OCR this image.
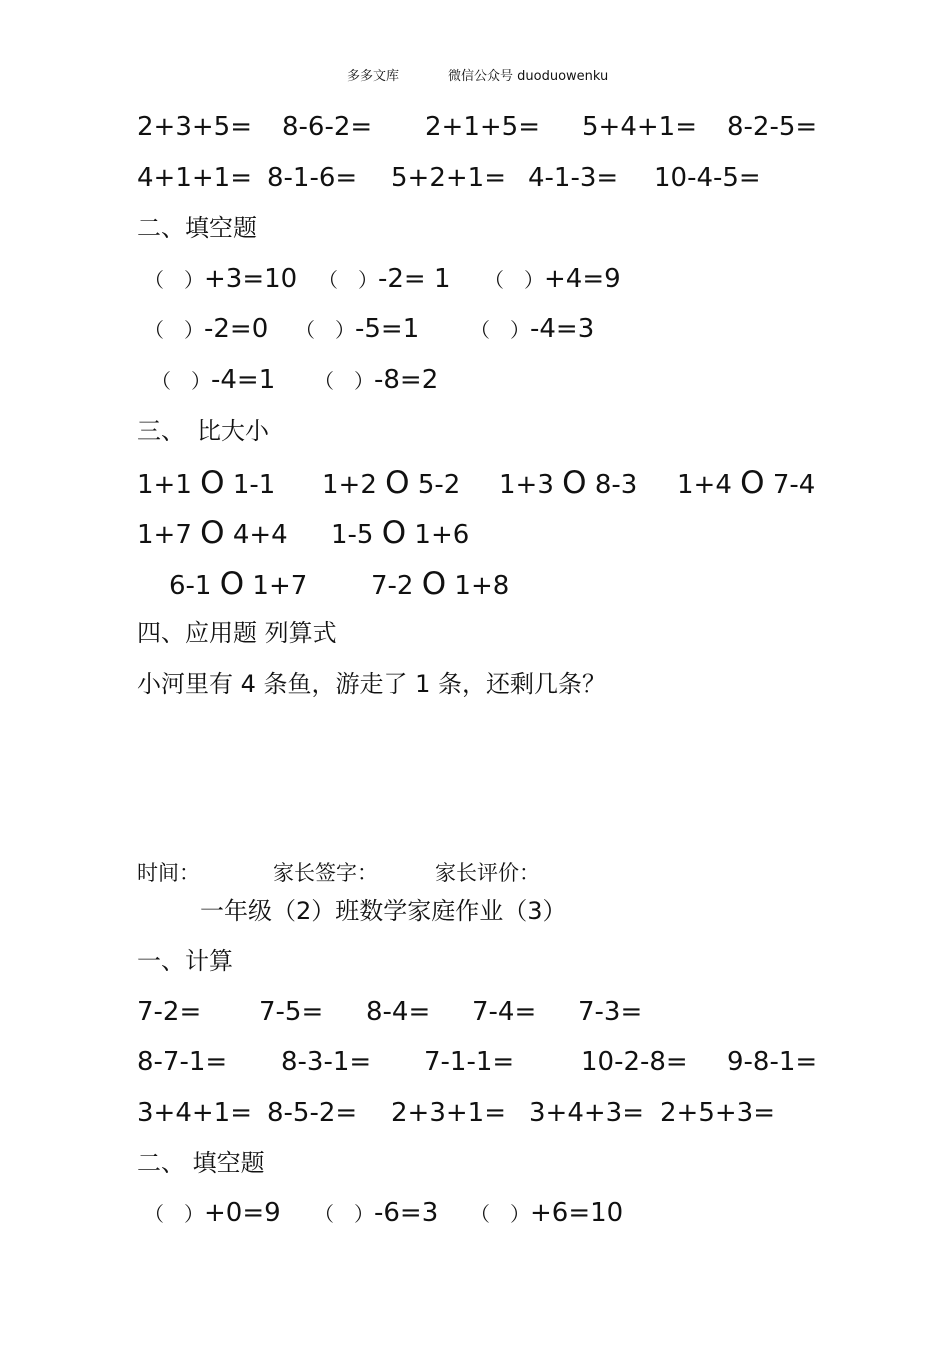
多多文库	微信公众号 duoduowenku
2+3+5= 8-6-2= 2+1+5= 5+4+1= 8-2-5=
4+1+1= 8-1-6= 5+2+1= 4-1-3= 10-4-5=
二、填空题
（　）+3=10 （　）-2= 1 （　）+4=9
（　）-2=0 （　）-5=1	（　）-4=3
（　）-4=1 （　）-8=2
三、　比大小
1+1 O 1-1 1+2 O 5-2 1+3 O 8-3 1+4 O 7-4
1+7 O 4+4 1-5 O 1+6
6-1 O 1+7 7-2 O 1+8
四、应用题 列算式
小河里有 4 条鱼，游走了 1 条，还剩几条？
时间：	家长签字：	家长评价：
一年级（2）班数学家庭作业（3）
一、计算
7-2= 7-5= 8-4= 7-4= 7-3=
8-7-1= 8-3-1= 7-1-1=	10-2-8= 9-8-1=
3+4+1= 8-5-2= 2+3+1= 3+4+3= 2+5+3=
二、 填空题
（　）+0=9 （　）-6=3 （　）+6=10
